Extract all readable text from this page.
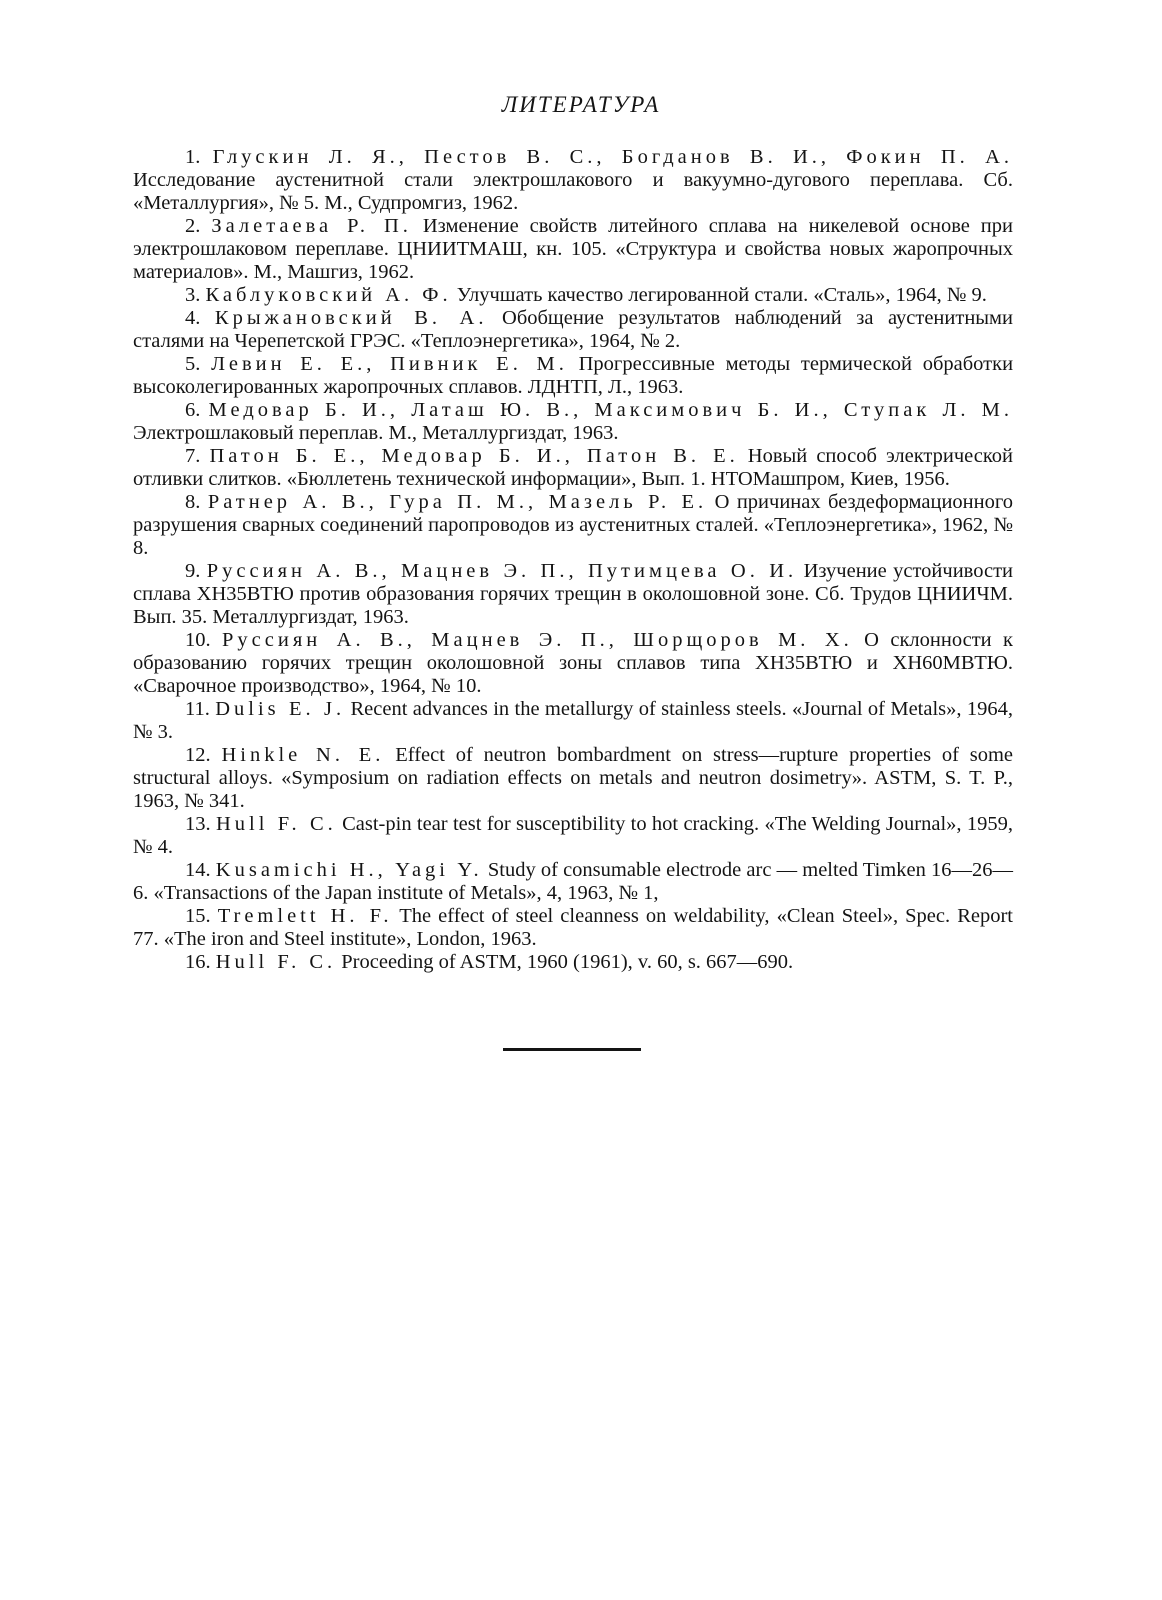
ЛИТЕРАТУРА

1. Глускин Л. Я., Пестов В. С., Богданов В. И., Фокин П. А. Исследование аустенитной стали электрошлакового и вакуумно-дугового переплава. Сб. «Металлургия», № 5. М., Судпромгиз, 1962.

2. Залетаева Р. П. Изменение свойств литейного сплава на никелевой основе при электрошлаковом переплаве. ЦНИИТМАШ, кн. 105. «Структура и свойства новых жаропрочных материалов». М., Машгиз, 1962.

3. Каблуковский А. Ф. Улучшать качество легированной стали. «Сталь», 1964, № 9.

4. Крыжановский В. А. Обобщение результатов наблюдений за аустенитными сталями на Черепетской ГРЭС. «Теплоэнергетика», 1964, № 2.

5. Левин Е. Е., Пивник Е. М. Прогрессивные методы термической обработки высоколегированных жаропрочных сплавов. ЛДНТП, Л., 1963.

6. Медовар Б. И., Латаш Ю. В., Максимович Б. И., Ступак Л. М. Электрошлаковый переплав. М., Металлургиздат, 1963.

7. Патон Б. Е., Медовар Б. И., Патон В. Е. Новый способ электрической отливки слитков. «Бюллетень технической информации», Вып. 1. НТОМашпром, Киев, 1956.

8. Ратнер А. В., Гура П. М., Мазель Р. Е. О причинах бездеформационного разрушения сварных соединений паропроводов из аустенитных сталей. «Теплоэнергетика», 1962, № 8.

9. Руссиян А. В., Мацнев Э. П., Путимцева О. И. Изучение устойчивости сплава ХН35ВТЮ против образования горячих трещин в околошовной зоне. Сб. Трудов ЦНИИЧМ. Вып. 35. Металлургиздат, 1963.

10. Руссиян А. В., Мацнев Э. П., Шорщоров М. Х. О склонности к образованию горячих трещин околошовной зоны сплавов типа ХН35ВТЮ и ХН60МВТЮ. «Сварочное производство», 1964, № 10.

11. Dulis E. J. Recent advances in the metallurgy of stainless steels. «Journal of Metals», 1964, № 3.

12. Hinkle N. E. Effect of neutron bombardment on stress—rupture properties of some structural alloys. «Symposium on radiation effects on metals and neutron dosimetry». ASTM, S. T. P., 1963, № 341.

13. Hull F. C. Cast-pin tear test for susceptibility to hot cracking. «The Welding Journal», 1959, № 4.

14. Kusamichi H., Yagi Y. Study of consumable electrode arc — melted Timken 16—26—6. «Transactions of the Japan institute of Metals», 4, 1963, № 1,

15. Tremlett H. F. The effect of steel cleanness on weldability, «Clean Steel», Spec. Report 77. «The iron and Steel institute», London, 1963.

16. Hull F. C. Proceeding of ASTM, 1960 (1961), v. 60, s. 667—690.
